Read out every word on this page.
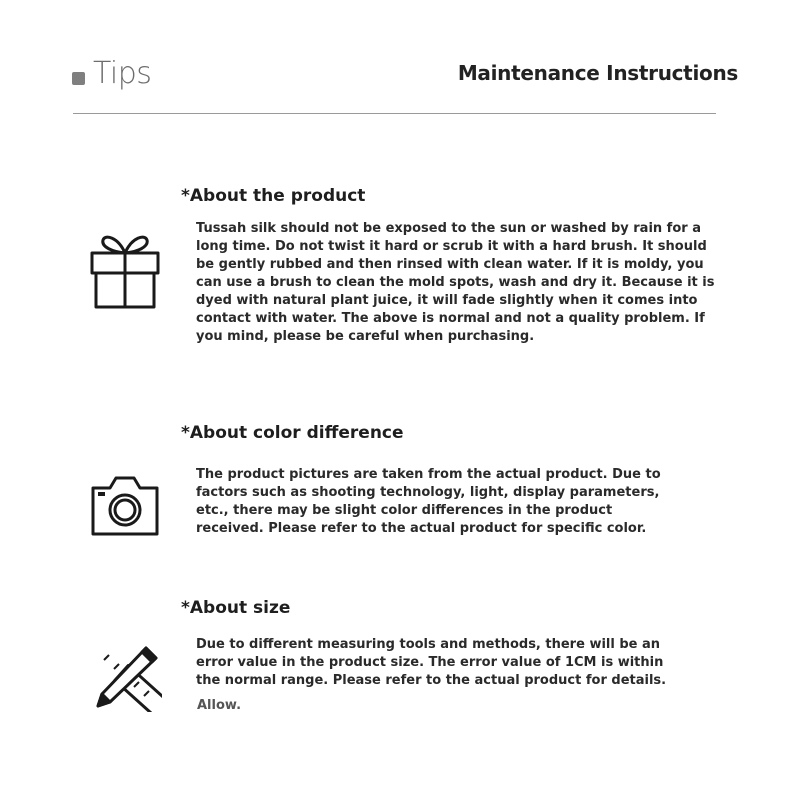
Tips	Maintenance Instructions
*About the product
Tussah silk should not be exposed to the sun or washed by rain for a long time. Do not twist it hard or scrub it with a hard brush. It should be gently rubbed and then rinsed with clean water. If it is moldy, you can use a brush to clean the mold spots, wash and dry it. Because it is dyed with natural plant juice, it will fade slightly when it comes into contact with water. The above is normal and not a quality problem. If you mind, please be careful when purchasing.
*About color difference
The product pictures are taken from the actual product. Due to factors such as shooting technology, light, display parameters, etc., there may be slight color differences in the product received. Please refer to the actual product for specific color.
*About size
Due to different measuring tools and methods, there will be an error value in the product size. The error value of 1CM is within the normal range. Please refer to the actual product for details.
Allow.
